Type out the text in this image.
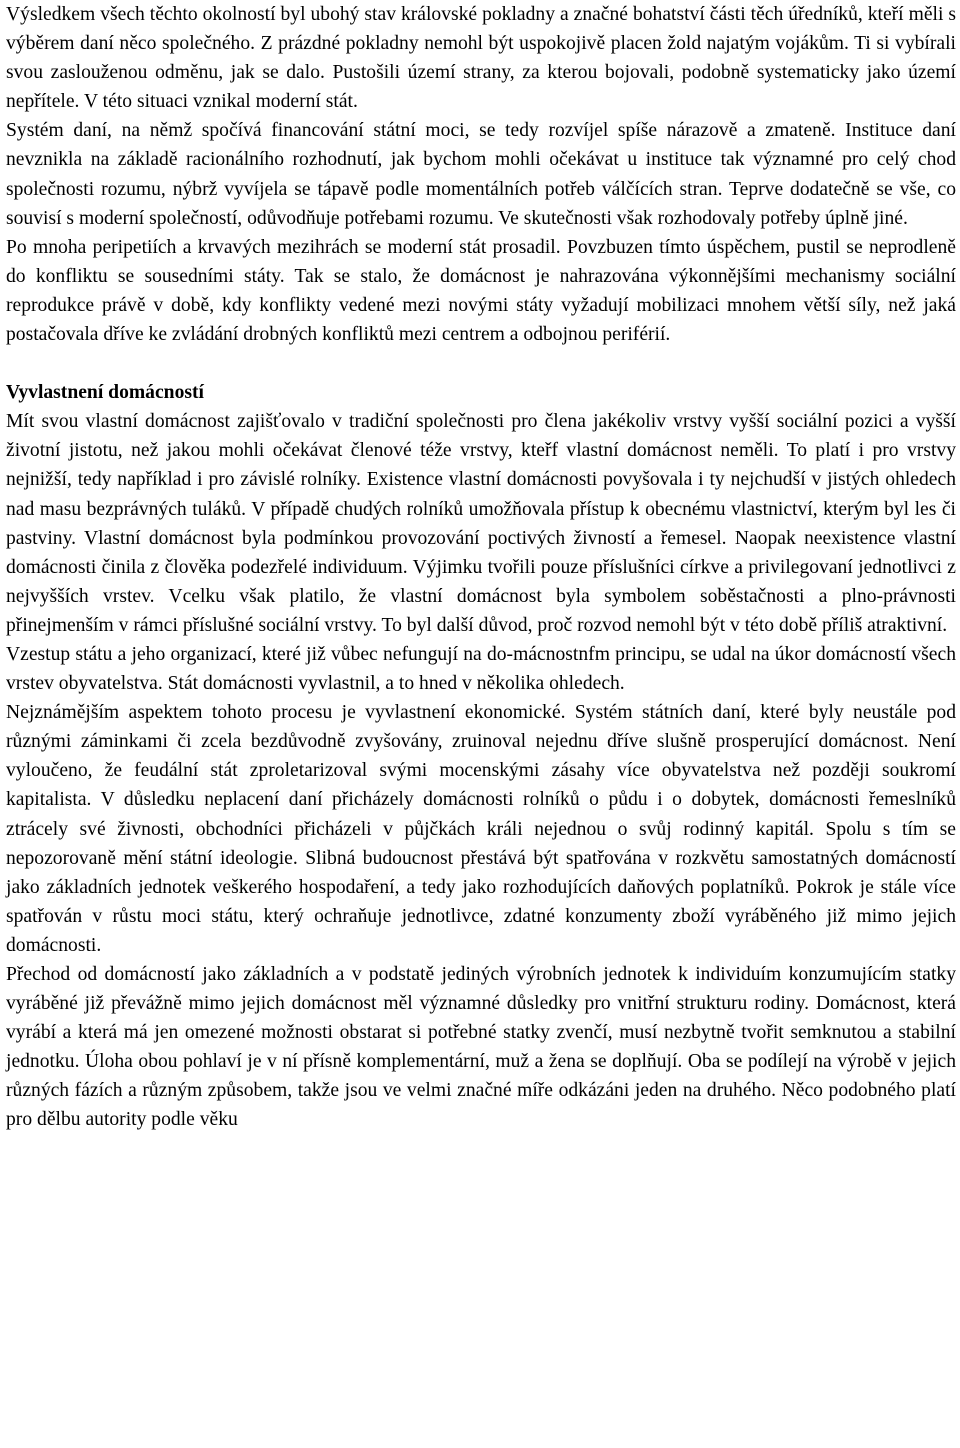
Výsledkem všech těchto okolností byl ubohý stav královské pokladny a značné bohatství části těch úředníků, kteří měli s výběrem daní něco společného. Z prázdné pokladny nemohl být uspokojivě placen žold najatým vojákům. Ti si vybírali svou zaslouženou odměnu, jak se dalo. Pustošili území strany, za kterou bojovali, podobně systematicky jako území nepřítele. V této situaci vznikal moderní stát.

Systém daní, na němž spočívá financování státní moci, se tedy rozvíjel spíše nárazově a zmateně. Instituce daní nevznikla na základě racionálního rozhodnutí, jak bychom mohli očekávat u instituce tak významné pro celý chod společnosti rozumu, nýbrž vyvíjela se tápavě podle momentálních potřeb válčících stran. Teprve dodatečně se vše, co souvisí s moderní společností, odůvodňuje potřebami rozumu. Ve skutečnosti však rozhodovaly potřeby úplně jiné.

Po mnoha peripetiích a krvavých mezihrách se moderní stát prosadil. Povzbuzen tímto úspěchem, pustil se neprodleně do konfliktu se sousedními státy. Tak se stalo, že domácnost je nahrazována výkonnějšími mechanismy sociální reprodukce právě v době, kdy konflikty vedené mezi novými státy vyžadují mobilizaci mnohem větší síly, než jaká postačovala dříve ke zvládání drobných konfliktů mezi centrem a odbojnou periférií.

Vyvlastnení domácností

Mít svou vlastní domácnost zajišťovalo v tradiční společnosti pro člena jakékoliv vrstvy vyšší sociální pozici a vyšší životní jistotu, než jakou mohli očekávat členové téže vrstvy, kteřf vlastní domácnost neměli. To platí i pro vrstvy nejnižší, tedy například i pro závislé rolníky. Existence vlastní domácnosti povyšovala i ty nejchudší v jistých ohledech nad masu bezprávných tuláků. V případě chudých rolníků umožňovala přístup k obecnému vlastnictví, kterým byl les či pastviny. Vlastní domácnost byla podmínkou provozování poctivých živností a řemesel. Naopak neexistence vlastní domácnosti činila z člověka podezřelé individuum. Výjimku tvořili pouze příslušníci církve a privilegovaní jednotlivci z nejvyšších vrstev. Vcelku však platilo, že vlastní domácnost byla symbolem soběstačnosti a plno-právnosti přinejmenším v rámci příslušné sociální vrstvy. To byl další důvod, proč rozvod nemohl být v této době příliš atraktivní.

Vzestup státu a jeho organizací, které již vůbec nefungují na do-mácnostnfm principu, se udal na úkor domácností všech vrstev obyvatelstva. Stát domácnosti vyvlastnil, a to hned v několika ohledech.

Nejznámějším aspektem tohoto procesu je vyvlastnení ekonomické. Systém státních daní, které byly neustále pod různými záminkami či zcela bezdůvodně zvyšovány, zruinoval nejednu dříve slušně prosperující domácnost. Není vyloučeno, že feudální stát zproletarizoval svými mocenskými zásahy více obyvatelstva než později soukromí kapitalista. V důsledku neplacení daní přicházely domácnosti rolníků o půdu i o dobytek, domácnosti řemeslníků ztrácely své živnosti, obchodníci přicházeli v půjčkách králi nejednou o svůj rodinný kapitál. Spolu s tím se nepozorovaně mění státní ideologie. Slibná budoucnost přestává být spatřována v rozkvětu samostatných domácností jako základních jednotek veškerého hospodaření, a tedy jako rozhodujících daňových poplatníků. Pokrok je stále více spatřován v růstu moci státu, který ochraňuje jednotlivce, zdatné konzumenty zboží vyráběného již mimo jejich domácnosti.

Přechod od domácností jako základních a v podstatě jediných výrobních jednotek k individuím konzumujícím statky vyráběné již převážně mimo jejich domácnost měl významné důsledky pro vnitřní strukturu rodiny. Domácnost, která vyrábí a která má jen omezené možnosti obstarat si potřebné statky zvenčí, musí nezbytně tvořit semknutou a stabilní jednotku. Úloha obou pohlaví je v ní přísně komplementární, muž a žena se doplňují. Oba se podílejí na výrobě v jejich různých fázích a různým způsobem, takže jsou ve velmi značné míře odkázáni jeden na druhého. Něco podobného platí pro dělbu autority podle věku
